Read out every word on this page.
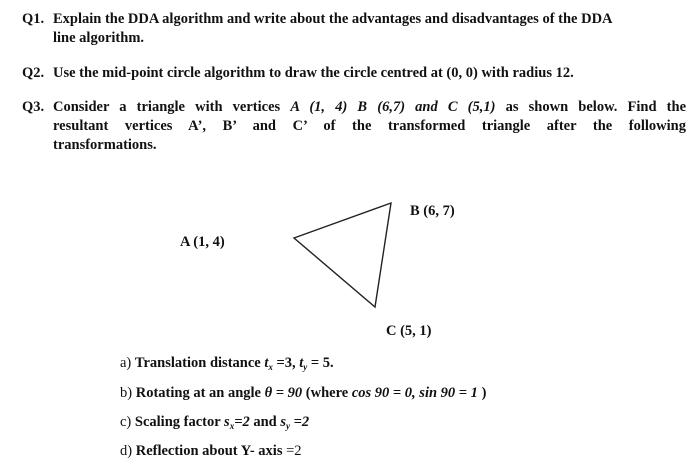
Q1. Explain the DDA algorithm and write about the advantages and disadvantages of the DDA
line algorithm.
Q2. Use the mid-point circle algorithm to draw the circle centred at (0, 0) with radius 12.
Q3. Consider a triangle with vertices A (1, 4) B (6,7) and C (5,1) as shown below. Find the
resultant vertices A’, B’ and C’ of the transformed triangle after the following
transformations.
A (1, 4)
B (6, 7)
C (5, 1)
a) Translation distance $t_x =3$, $t_y = 5$.
b) Rotating at an angle θ = 90 (where cos 90 = 0, sin 90 = 1 )
c) Scaling factor $s_x=2$ and $s_y =2$
d) Reflection about Y- axis =2
